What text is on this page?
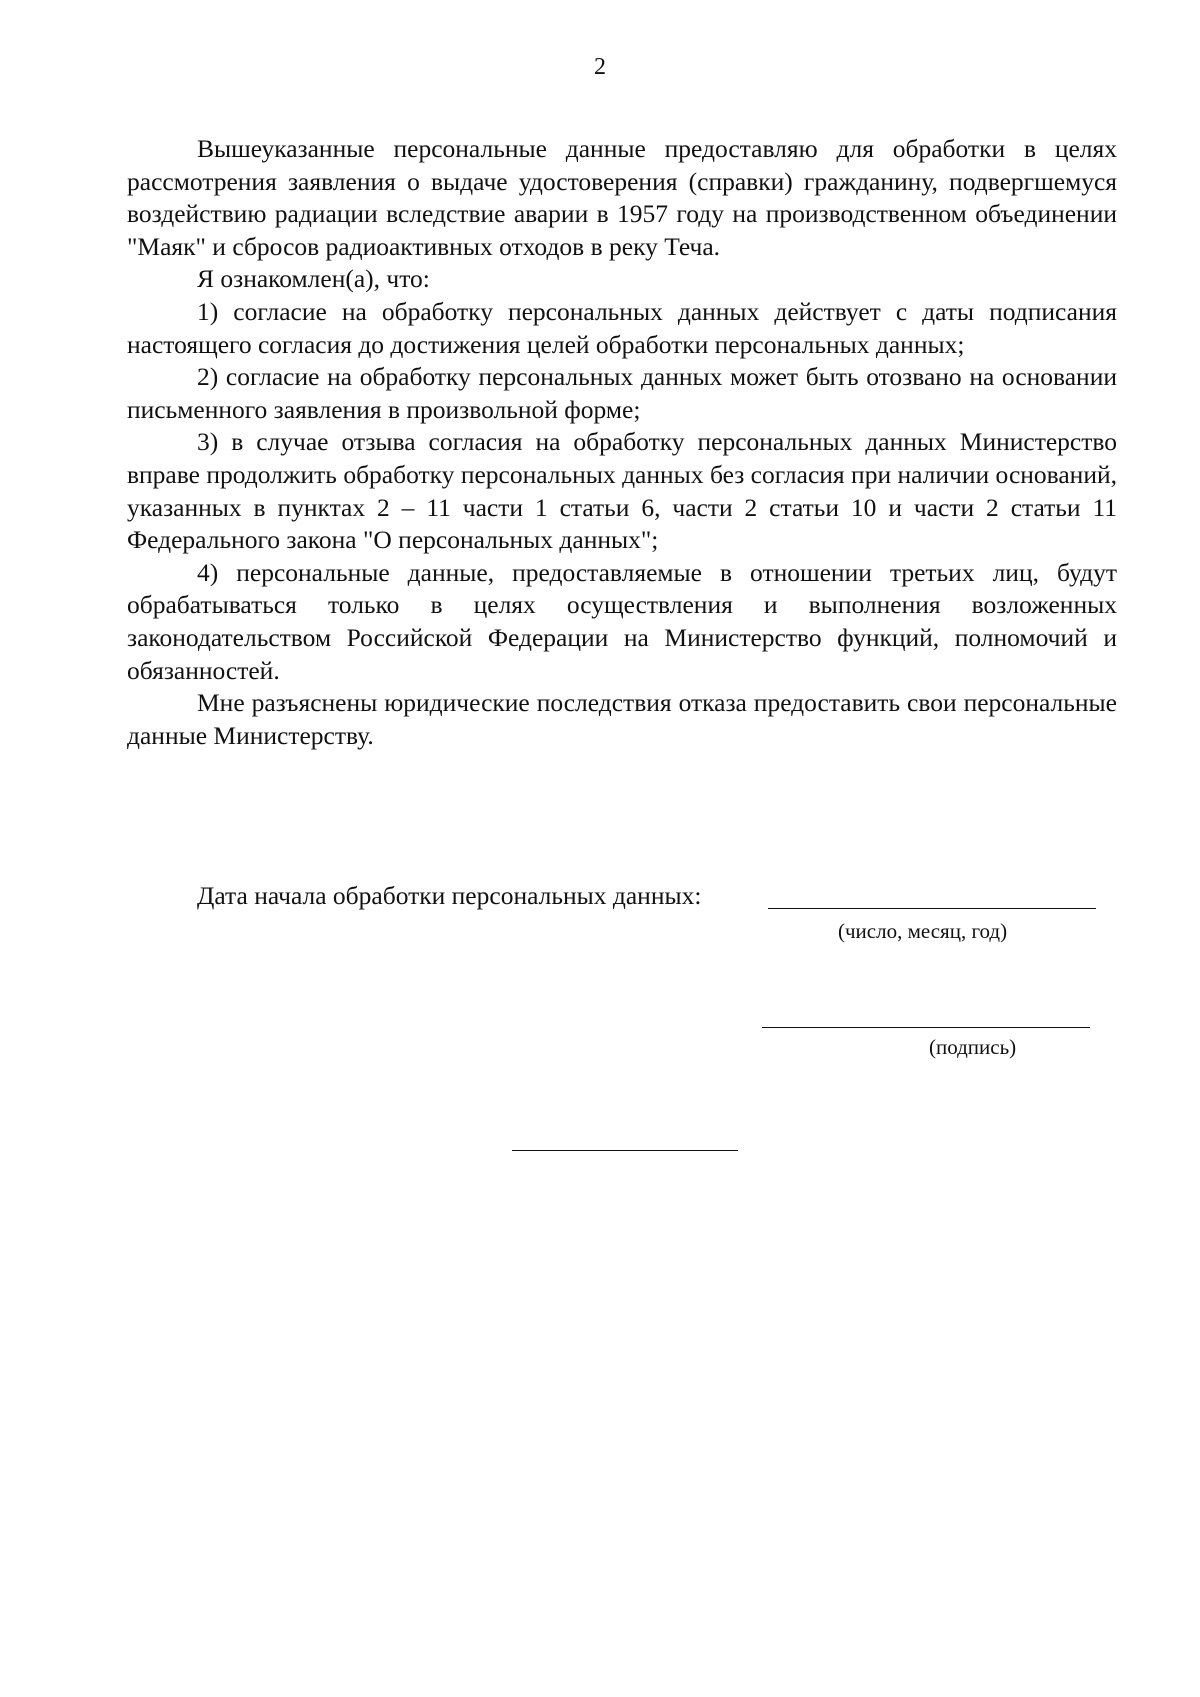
2

Вышеуказанные персональные данные предоставляю для обработки в целях рассмотрения заявления о выдаче удостоверения (справки) гражданину, подвергшемуся воздействию радиации вследствие аварии в 1957 году на производственном объединении "Маяк" и сбросов радиоактивных отходов в реку Теча.

Я ознакомлен(а), что:

1) согласие на обработку персональных данных действует с даты подписания настоящего согласия до достижения целей обработки персональных данных;

2) согласие на обработку персональных данных может быть отозвано на основании письменного заявления в произвольной форме;

3) в случае отзыва согласия на обработку персональных данных Министерство вправе продолжить обработку персональных данных без согласия при наличии оснований, указанных в пунктах 2 – 11 части 1 статьи 6, части 2 статьи 10 и части 2 статьи 11 Федерального закона "О персональных данных";

4) персональные данные, предоставляемые в отношении третьих лиц, будут обрабатываться только в целях осуществления и выполнения возложенных законодательством Российской Федерации на Министерство функций, полномочий и обязанностей.

Мне разъяснены юридические последствия отказа предоставить свои персональные данные Министерству.

Дата начала обработки персональных данных:
(число, месяц, год)
(подпись)
